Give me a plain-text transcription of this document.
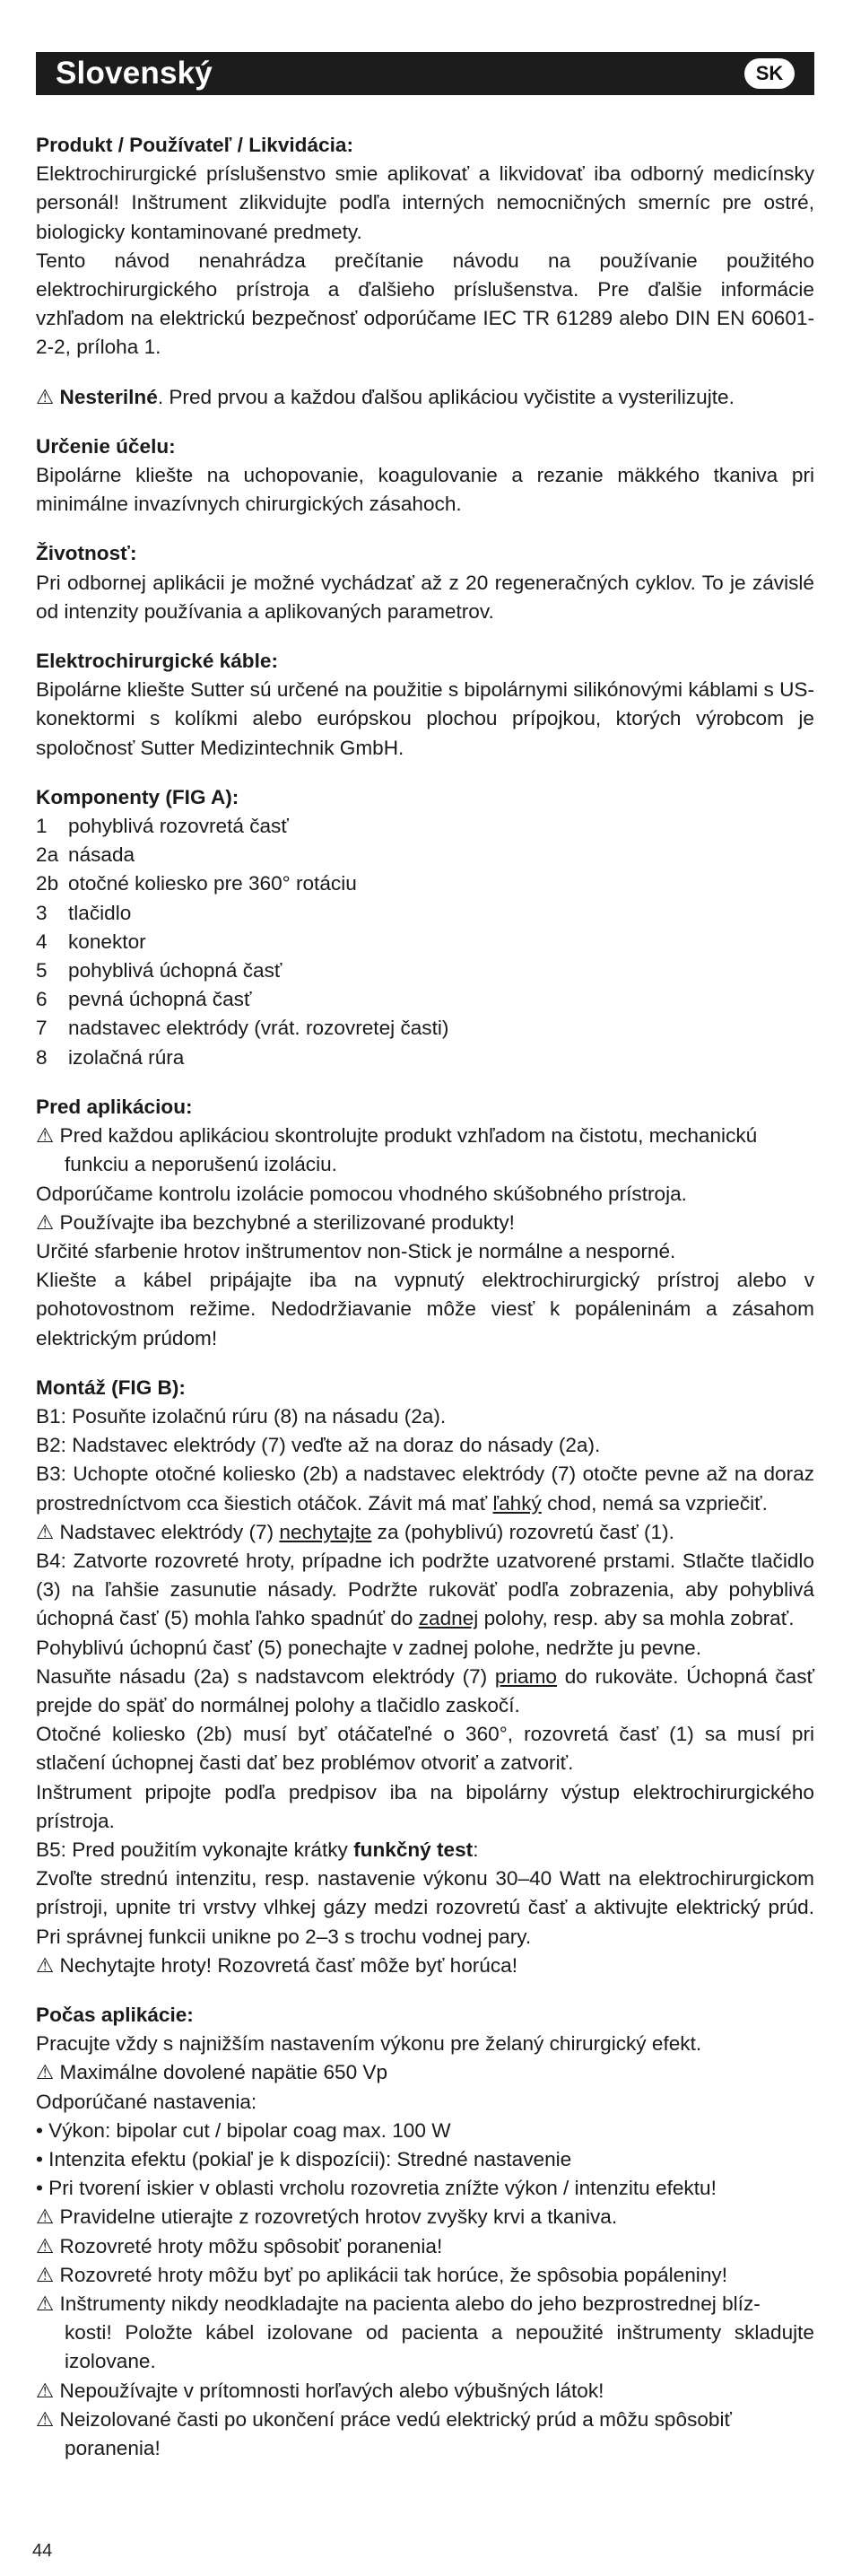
Slovenský	SK
Produkt / Používateľ / Likvidácia:
Elektrochirurgické príslušenstvo smie aplikovať a likvidovať iba odborný medicínsky personál! Inštrument zlikvidujte podľa interných nemocničných smerníc pre ostré, biologicky kontaminované predmety.
Tento návod nenahrádza prečítanie návodu na používanie použitého elektrochirurgického prístroja a ďalšieho príslušenstva. Pre ďalšie informácie vzhľadom na elektrickú bezpečnosť odporúčame IEC TR 61289 alebo DIN EN 60601-2-2, príloha 1.
⚠ Nesterilné. Pred prvou a každou ďalšou aplikáciou vyčistite a vysterilizujte.
Určenie účelu:
Bipolárne kliešte na uchopovanie, koagulovanie a rezanie mäkkého tkaniva pri minimálne invazívnych chirurgických zásahoch.
Životnosť:
Pri odbornej aplikácii je možné vychádzať až z 20 regeneračných cyklov. To je závislé od intenzity používania a aplikovaných parametrov.
Elektrochirurgické káble:
Bipolárne kliešte Sutter sú určené na použitie s bipolárnymi silikónovými káblami s US-konektormi s kolíkmi alebo európskou plochou prípojkou, ktorých výrobcom je spoločnosť Sutter Medizintechnik GmbH.
Komponenty (FIG A):
1 pohyblivá rozovretá časť
2a násada
2b otočné koliesko pre 360° rotáciu
3 tlačidlo
4 konektor
5 pohyblivá úchopná časť
6 pevná úchopná časť
7 nadstavec elektródy (vrát. rozovretej časti)
8 izolačná rúra
Pred aplikáciou:
⚠ Pred každou aplikáciou skontrolujte produkt vzhľadom na čistotu, mechanickú
funkciu a neporušenú izoláciu.
Odporúčame kontrolu izolácie pomocou vhodného skúšobného prístroja.
⚠ Používajte iba bezchybné a sterilizované produkty!
Určité sfarbenie hrotov inštrumentov non-Stick je normálne a nesporné.
Kliešte a kábel pripájajte iba na vypnutý elektrochirurgický prístroj alebo v pohotovostnom režime. Nedodržiavanie môže viesť k popáleninám a zásahom elektrickým prúdom!
Montáž (FIG B):
B1: Posuňte izolačnú rúru (8) na násadu (2a).
B2: Nadstavec elektródy (7) veďte až na doraz do násady (2a).
B3: Uchopte otočné koliesko (2b) a nadstavec elektródy (7) otočte pevne až na doraz prostredníctvom cca šiestich otáčok. Závit má mať ľahký chod, nemá sa vzpriečiť.
⚠ Nadstavec elektródy (7) nechytajte za (pohyblivú) rozovretú časť (1).
B4: Zatvorte rozovreté hroty, prípadne ich podržte uzatvorené prstami. Stlačte tlačidlo (3) na ľahšie zasunutie násady. Podržte rukoväť podľa zobrazenia, aby pohyblivá úchopná časť (5) mohla ľahko spadnúť do zadnej polohy, resp. aby sa mohla zobrať.
Pohyblivú úchopnú časť (5) ponechajte v zadnej polohe, nedržte ju pevne.
Nasuňte násadu (2a) s nadstavcom elektródy (7) priamo do rukoväte. Úchopná časť prejde do späť do normálnej polohy a tlačidlo zaskočí.
Otočné koliesko (2b) musí byť otáčateľné o 360°, rozovretá časť (1) sa musí pri stlačení úchopnej časti dať bez problémov otvoriť a zatvoriť.
Inštrument pripojte podľa predpisov iba na bipolárny výstup elektrochirurgického prístroja.
B5: Pred použitím vykonajte krátky funkčný test:
Zvoľte strednú intenzitu, resp. nastavenie výkonu 30–40 Watt na elektrochirurgickom prístroji, upnite tri vrstvy vlhkej gázy medzi rozovretú časť a aktivujte elektrický prúd. Pri správnej funkcii unikne po 2–3 s trochu vodnej pary.
⚠ Nechytajte hroty! Rozovretá časť môže byť horúca!
Počas aplikácie:
Pracujte vždy s najnižším nastavením výkonu pre želaný chirurgický efekt.
⚠ Maximálne dovolené napätie 650 Vp
Odporúčané nastavenia:
• Výkon: bipolar cut / bipolar coag max. 100 W
• Intenzita efektu (pokiaľ je k dispozícii): Stredné nastavenie
• Pri tvorení iskier v oblasti vrcholu rozovretia znížte výkon / intenzitu efektu!
⚠ Pravidelne utierajte z rozovretých hrotov zvyšky krvi a tkaniva.
⚠ Rozovreté hroty môžu spôsobiť poranenia!
⚠ Rozovreté hroty môžu byť po aplikácii tak horúce, že spôsobia popáleniny!
⚠ Inštrumenty nikdy neodkladajte na pacienta alebo do jeho bezprostrednej blíz-
kosti! Položte kábel izolovane od pacienta a nepoužité inštrumenty skladujte izolovane.
⚠ Nepoužívajte v prítomnosti horľavých alebo výbušných látok!
⚠ Neizolované časti po ukončení práce vedú elektrický prúd a môžu spôsobiť
poranenia!
44
